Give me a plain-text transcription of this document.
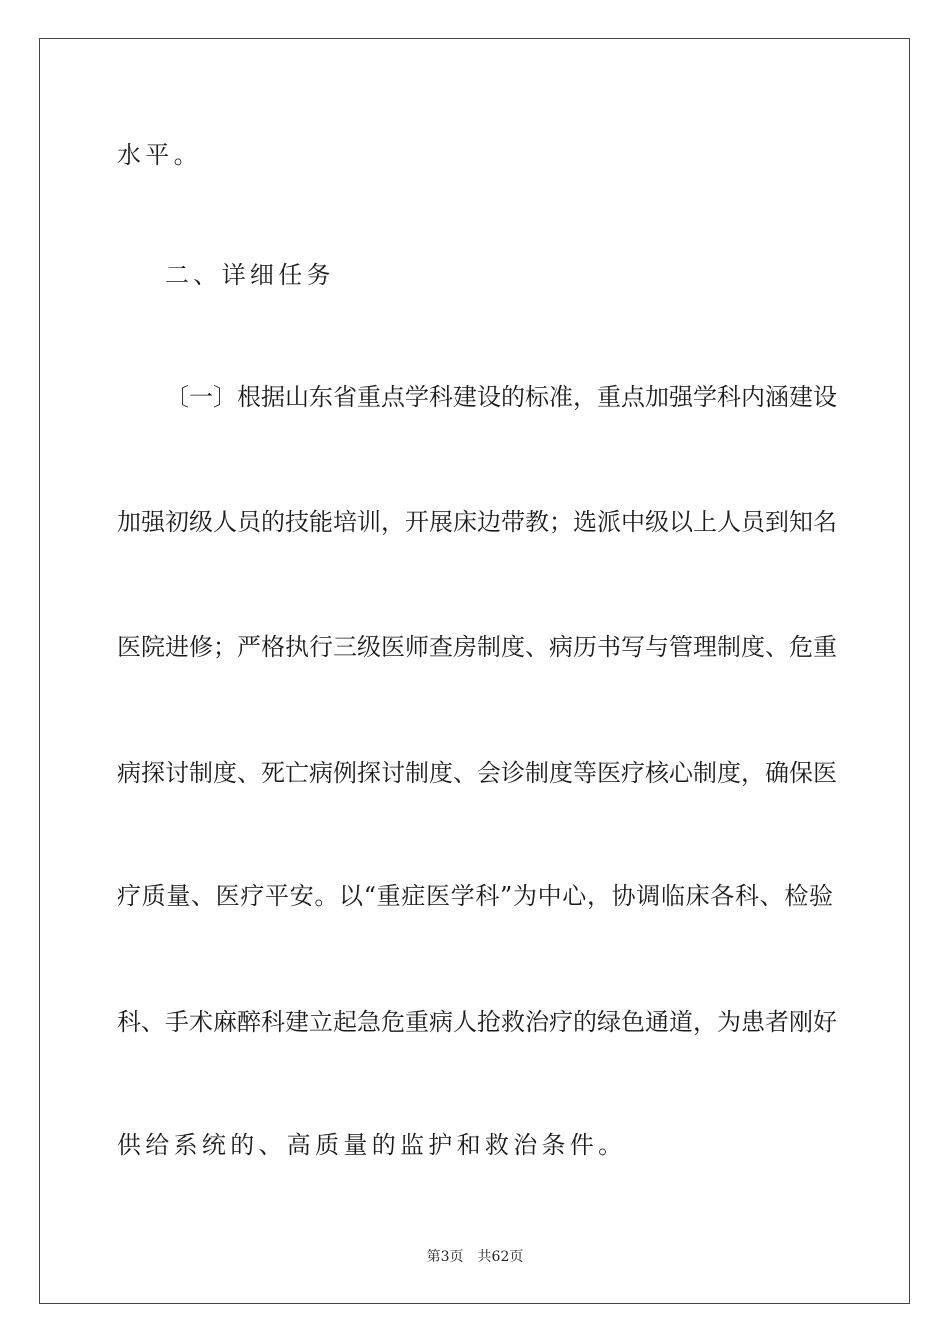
水平。
二、详细任务
〔一〕根据山东省重点学科建设的标准，重点加强学科内涵建设
加强初级人员的技能培训，开展床边带教；选派中级以上人员到知名
医院进修；严格执行三级医师查房制度、病历书写与管理制度、危重
病探讨制度、死亡病例探讨制度、会诊制度等医疗核心制度，确保医
疗质量、医疗平安。以“重症医学科”为中心，协调临床各科、检验
科、手术麻醉科建立起急危重病人抢救治疗的绿色通道，为患者刚好
供给系统的、高质量的监护和救治条件。
第3页 共62页
